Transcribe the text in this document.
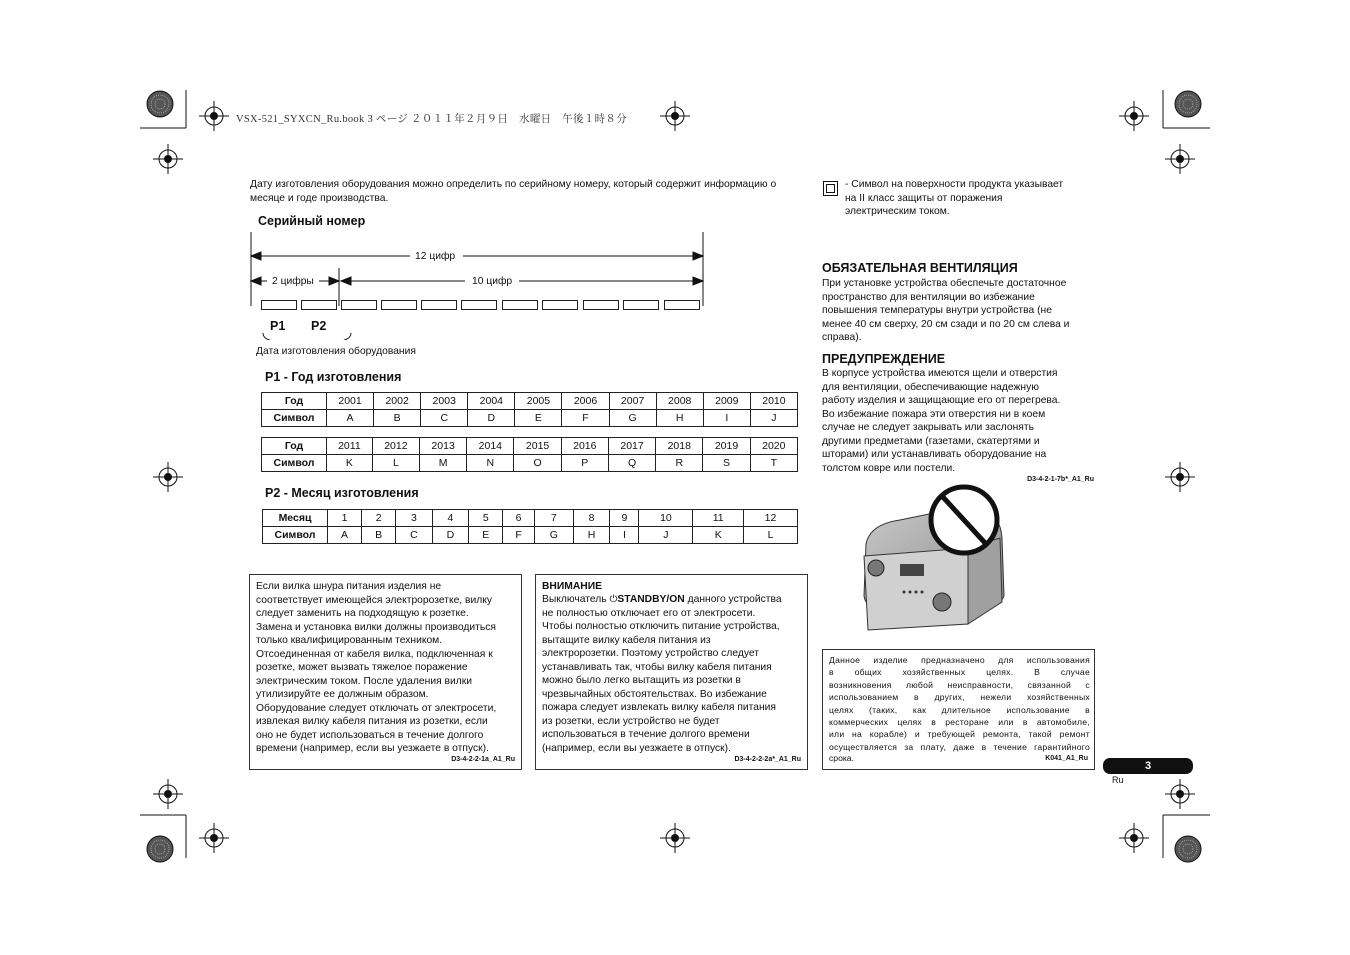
VSX-521_SYXCN_Ru.book 3 ページ ２０１１年２月９日　水曜日　午後１時８分
Дату изготовления оборудования можно определить по серийному номеру, который содержит информацию о месяце и годе производства.
Серийный номер
12 цифр
2 цифры	10 цифр
P1 P2
Дата изготовления оборудования
P1 - Год изготовления
Год	2001	2002	2003	2004	2005	2006	2007	2008	2009	2010
Символ	A	B	C	D	E	F	G	H	I	J
Год	2011	2012	2013	2014	2015	2016	2017	2018	2019	2020
Символ	K	L	M	N	O	P	Q	R	S	T
P2 - Месяц изготовления
Месяц	1	2	3	4	5	6	7	8	9	10	11	12
Символ	A	B	C	D	E	F	G	H	I	J	K	L
Если вилка шнура питания изделия не
соответствует имеющейся электророзетке, вилку
следует заменить на подходящую к розетке.
Замена и установка вилки должны производиться
только квалифицированным техником.
Отсоединенная от кабеля вилка, подключенная к
розетке, может вызвать тяжелое поражение
электрическим током. После удаления вилки
утилизируйте ее должным образом.
Оборудование следует отключать от электросети,
извлекая вилку кабеля питания из розетки, если
оно не будет использоваться в течение долгого
времени (например, если вы уезжаете в отпуск).
D3-4-2-2-1a_A1_Ru
ВНИМАНИЕ
Выключатель ⏻STANDBY/ON данного устройства
не полностью отключает его от электросети.
Чтобы полностью отключить питание устройства,
вытащите вилку кабеля питания из
электророзетки. Поэтому устройство следует
устанавливать так, чтобы вилку кабеля питания
можно было легко вытащить из розетки в
чрезвычайных обстоятельствах. Во избежание
пожара следует извлекать вилку кабеля питания
из розетки, если устройство не будет
использоваться в течение долгого времени
(например, если вы уезжаете в отпуск).
D3-4-2-2-2a*_A1_Ru
- Символ на поверхности продукта указывает
на II класс защиты от поражения
электрическим током.
ОБЯЗАТЕЛЬНАЯ ВЕНТИЛЯЦИЯ
При установке устройства обеспечьте достаточное
пространство для вентиляции во избежание
повышения температуры внутри устройства (не
менее 40 см сверху, 20 см сзади и по 20 см слева и
справа).
ПРЕДУПРЕЖДЕНИЕ
В корпусе устройства имеются щели и отверстия
для вентиляции, обеспечивающие надежную
работу изделия и защищающие его от перегрева.
Во избежание пожара эти отверстия ни в коем
случае не следует закрывать или заслонять
другими предметами (газетами, скатертями и
шторами) или устанавливать оборудование на
толстом ковре или постели.
D3-4-2-1-7b*_A1_Ru
Данное изделие предназначено для использования
в общих хозяйственных целях. В случае
возникновения любой неисправности, связанной с
использованием в других, нежели хозяйственных
целях (таких, как длительное использование в
коммерческих целях в ресторане или в автомобиле,
или на корабле) и требующей ремонта, такой ремонт
осуществляется за плату, даже в течение гарантийного
срока.	K041_A1_Ru
3
Ru
